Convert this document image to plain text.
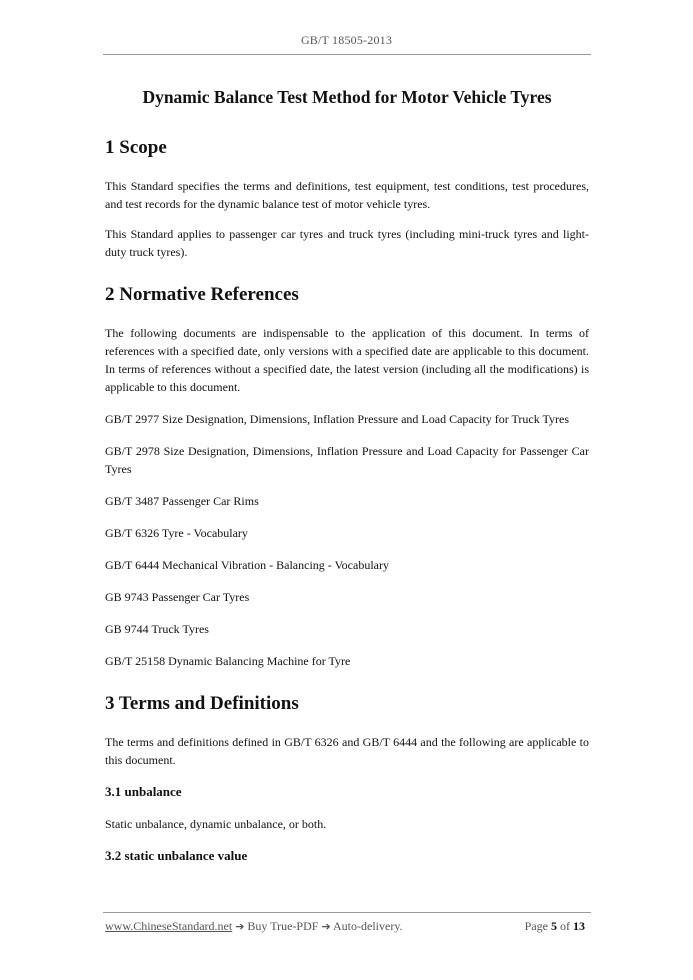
GB/T 18505-2013
Dynamic Balance Test Method for Motor Vehicle Tyres
1 Scope

This Standard specifies the terms and definitions, test equipment, test conditions, test procedures, and test records for the dynamic balance test of motor vehicle tyres.

This Standard applies to passenger car tyres and truck tyres (including mini-truck tyres and light-duty truck tyres).

2 Normative References

The following documents are indispensable to the application of this document. In terms of references with a specified date, only versions with a specified date are applicable to this document. In terms of references without a specified date, the latest version (including all the modifications) is applicable to this document.

GB/T 2977 Size Designation, Dimensions, Inflation Pressure and Load Capacity for Truck Tyres

GB/T 2978 Size Designation, Dimensions, Inflation Pressure and Load Capacity for Passenger Car Tyres

GB/T 3487 Passenger Car Rims

GB/T 6326 Tyre - Vocabulary

GB/T 6444 Mechanical Vibration - Balancing - Vocabulary

GB 9743 Passenger Car Tyres

GB 9744 Truck Tyres

GB/T 25158 Dynamic Balancing Machine for Tyre

3 Terms and Definitions

The terms and definitions defined in GB/T 6326 and GB/T 6444 and the following are applicable to this document.

3.1 unbalance

Static unbalance, dynamic unbalance, or both.

3.2 static unbalance value
www.ChineseStandard.net ➔ Buy True-PDF ➔ Auto-delivery.	Page 5 of 13
